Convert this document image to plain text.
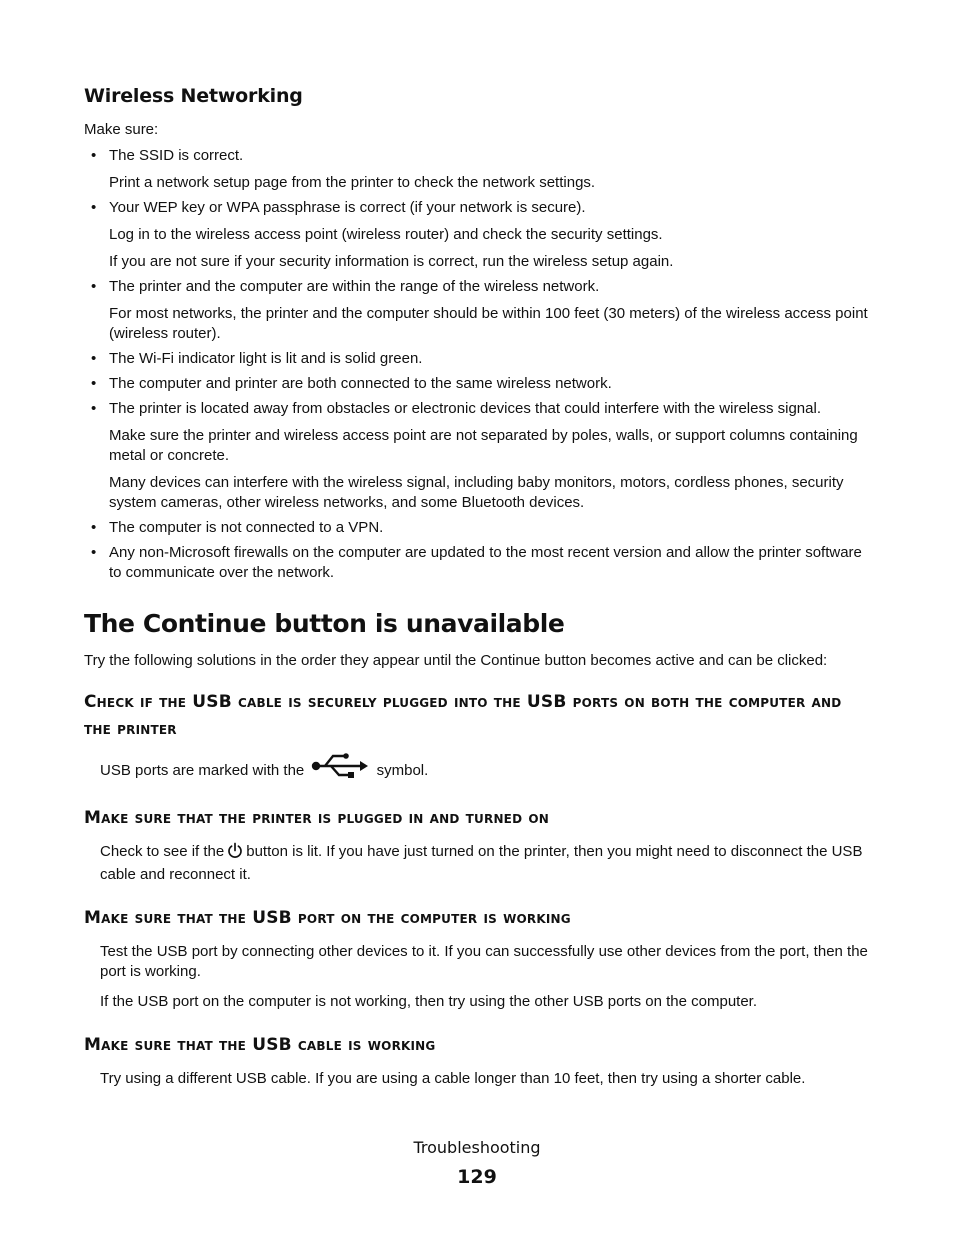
Wireless Networking

Make sure:

• The SSID is correct.
Print a network setup page from the printer to check the network settings.
• Your WEP key or WPA passphrase is correct (if your network is secure).
Log in to the wireless access point (wireless router) and check the security settings.
If you are not sure if your security information is correct, run the wireless setup again.
• The printer and the computer are within the range of the wireless network.
For most networks, the printer and the computer should be within 100 feet (30 meters) of the wireless access point (wireless router).
• The Wi-Fi indicator light is lit and is solid green.
• The computer and printer are both connected to the same wireless network.
• The printer is located away from obstacles or electronic devices that could interfere with the wireless signal.
Make sure the printer and wireless access point are not separated by poles, walls, or support columns containing metal or concrete.
Many devices can interfere with the wireless signal, including baby monitors, motors, cordless phones, security system cameras, other wireless networks, and some Bluetooth devices.
• The computer is not connected to a VPN.
• Any non-Microsoft firewalls on the computer are updated to the most recent version and allow the printer software to communicate over the network.
The Continue button is unavailable

Try the following solutions in the order they appear until the Continue button becomes active and can be clicked:

Check if the USB cable is securely plugged into the USB ports on both the computer and the printer

USB ports are marked with the	symbol.

Make sure that the printer is plugged in and turned on

Check to see if the button is lit. If you have just turned on the printer, then you might need to disconnect the USB cable and reconnect it.

Make sure that the USB port on the computer is working

Test the USB port by connecting other devices to it. If you can successfully use other devices from the port, then the port is working.

If the USB port on the computer is not working, then try using the other USB ports on the computer.

Make sure that the USB cable is working

Try using a different USB cable. If you are using a cable longer than 10 feet, then try using a shorter cable.

Troubleshooting
129
